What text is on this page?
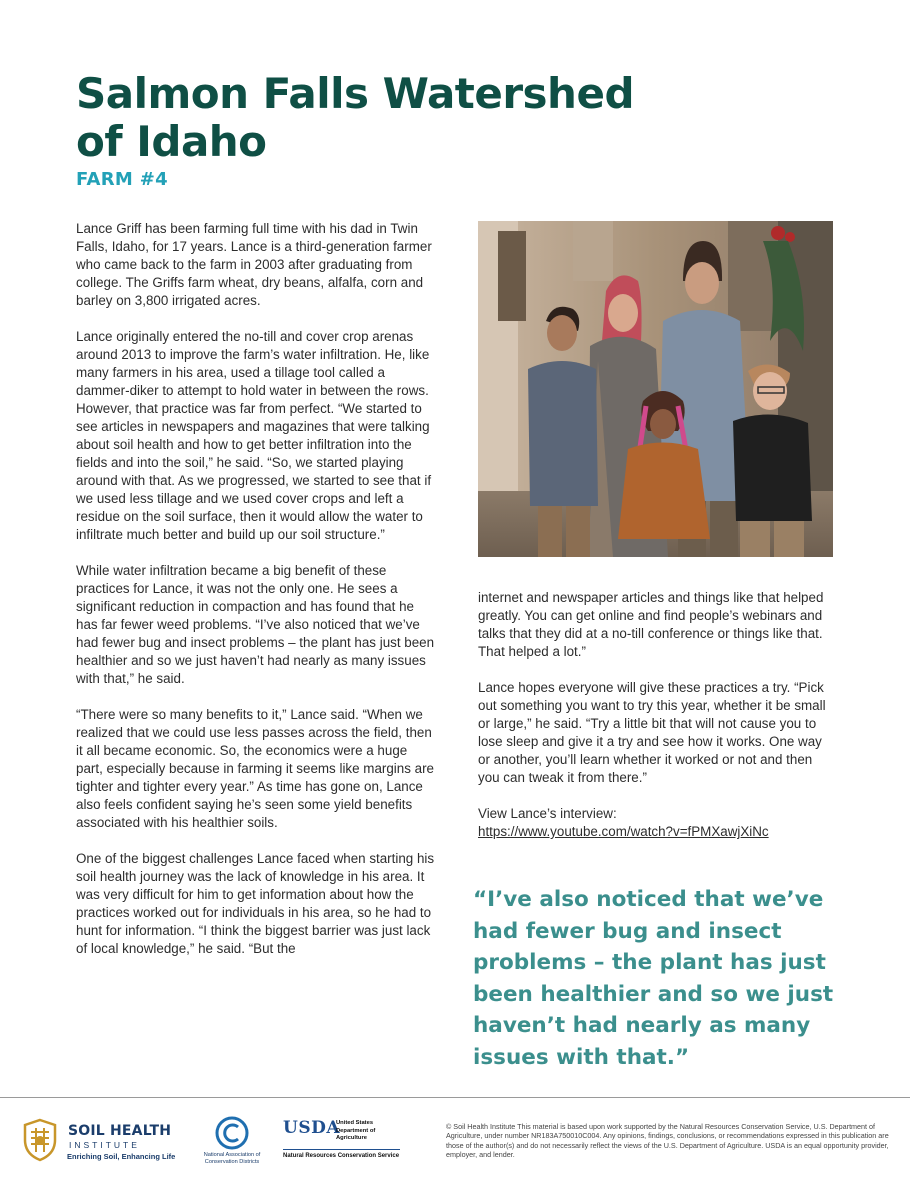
Salmon Falls Watershed
of Idaho
FARM #4

Lance Griff has been farming full time with his dad in Twin Falls, Idaho, for 17 years. Lance is a third-generation farmer who came back to the farm in 2003 after graduating from college. The Griffs farm wheat, dry beans, alfalfa, corn and barley on 3,800 irrigated acres.

Lance originally entered the no-till and cover crop arenas around 2013 to improve the farm’s water infiltration. He, like many farmers in his area, used a tillage tool called a dammer-diker to attempt to hold water in between the rows. However, that practice was far from perfect. “We started to see articles in newspapers and magazines that were talking about soil health and how to get better infiltration into the fields and into the soil,” he said. “So, we started playing around with that. As we progressed, we started to see that if we used less tillage and we used cover crops and left a residue on the soil surface, then it would allow the water to infiltrate much better and build up our soil structure.”

While water infiltration became a big benefit of these practices for Lance, it was not the only one. He sees a significant reduction in compaction and has found that he has far fewer weed problems. “I’ve also noticed that we’ve had fewer bug and insect problems – the plant has just been healthier and so we just haven’t had nearly as many issues with that,” he said.

“There were so many benefits to it,” Lance said. “When we realized that we could use less passes across the field, then it all became economic. So, the economics were a huge part, especially because in farming it seems like margins are tighter and tighter every year.” As time has gone on, Lance also feels confident saying he’s seen some yield benefits associated with his healthier soils.

One of the biggest challenges Lance faced when starting his soil health journey was the lack of knowledge in his area. It was very difficult for him to get information about how the practices worked out for individuals in his area, so he had to hunt for information. “I think the biggest barrier was just lack of local knowledge,” he said. “But the

internet and newspaper articles and things like that helped greatly. You can get online and find people’s webinars and talks that they did at a no-till conference or things like that. That helped a lot.”

Lance hopes everyone will give these practices a try. “Pick out something you want to try this year, whether it be small or large,” he said. “Try a little bit that will not cause you to lose sleep and give it a try and see how it works. One way or another, you’ll learn whether it worked or not and then you can tweak it from there.”

View Lance’s interview:
https://www.youtube.com/watch?v=fPMXawjXiNc

“I’ve also noticed that we’ve had fewer bug and insect problems – the plant has just been healthier and so we just haven’t had nearly as many issues with that.”
SOIL HEALTH
INSTITUTE
Enriching Soil, Enhancing Life	National Association of Conservation Districts
USDA
United States Department of Agriculture
Natural Resources Conservation Service
© Soil Health Institute This material is based upon work supported by the Natural Resources Conservation Service, U.S. Department of Agriculture, under number NR183A750010C004. Any opinions, findings, conclusions, or recommendations expressed in this publication are those of the author(s) and do not necessarily reflect the views of the U.S. Department of Agriculture. USDA is an equal opportunity provider, employer, and lender.
